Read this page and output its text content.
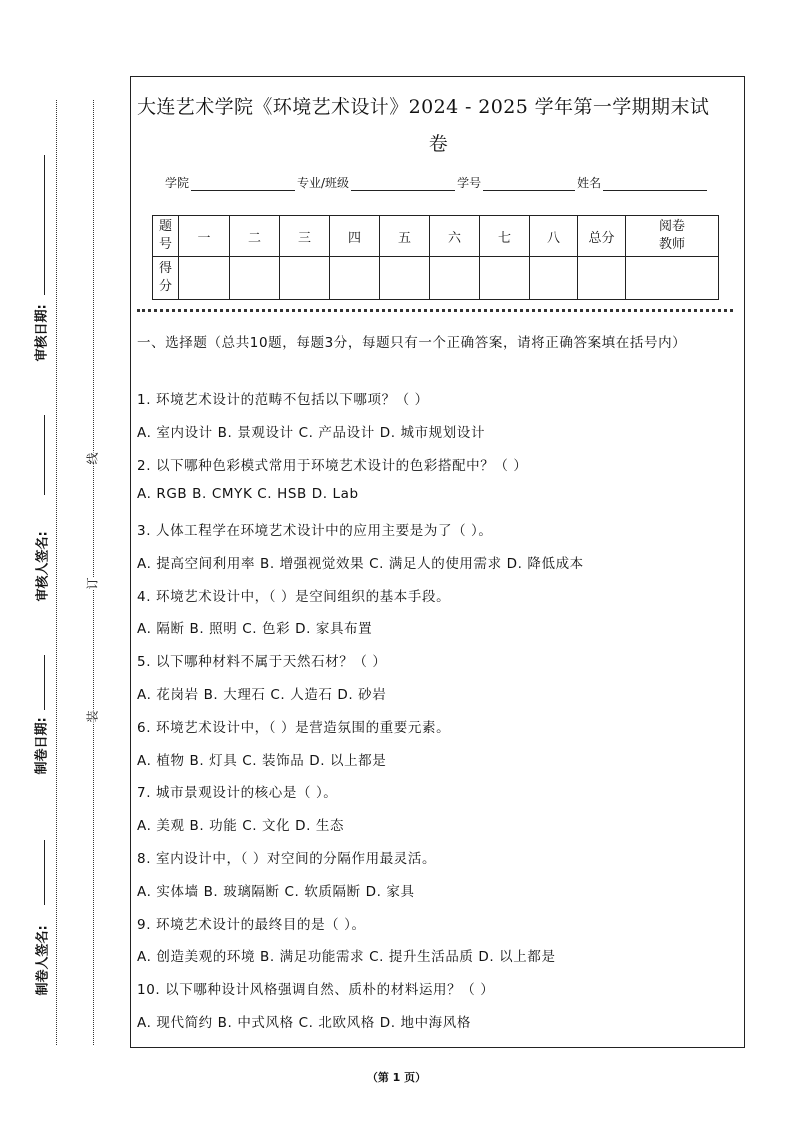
审核日期:
审核人签名:
制卷日期:
制卷人签名:
线
订
装
大连艺术学院《环境艺术设计》2024 - 2025 学年第一学期期末试
卷
学院	专业/班级	学号	姓名
题号	一	二	三	四	五	六	七	八	总分	阅卷教师
得分										
一、选择题（总共10题，每题3分，每题只有一个正确答案，请将正确答案填在括号内）
1. 环境艺术设计的范畴不包括以下哪项？（ ）
A. 室内设计 B. 景观设计 C. 产品设计 D. 城市规划设计
2. 以下哪种色彩模式常用于环境艺术设计的色彩搭配中？（ ）
A. RGB B. CMYK C. HSB D. Lab
3. 人体工程学在环境艺术设计中的应用主要是为了（ ）。
A. 提高空间利用率 B. 增强视觉效果 C. 满足人的使用需求 D. 降低成本
4. 环境艺术设计中，（ ）是空间组织的基本手段。
A. 隔断 B. 照明 C. 色彩 D. 家具布置
5. 以下哪种材料不属于天然石材？（ ）
A. 花岗岩 B. 大理石 C. 人造石 D. 砂岩
6. 环境艺术设计中，（ ）是营造氛围的重要元素。
A. 植物 B. 灯具 C. 装饰品 D. 以上都是
7. 城市景观设计的核心是（ ）。
A. 美观 B. 功能 C. 文化 D. 生态
8. 室内设计中，（ ）对空间的分隔作用最灵活。
A. 实体墙 B. 玻璃隔断 C. 软质隔断 D. 家具
9. 环境艺术设计的最终目的是（ ）。
A. 创造美观的环境 B. 满足功能需求 C. 提升生活品质 D. 以上都是
10. 以下哪种设计风格强调自然、质朴的材料运用？（ ）
A. 现代简约 B. 中式风格 C. 北欧风格 D. 地中海风格
（第 1 页）
